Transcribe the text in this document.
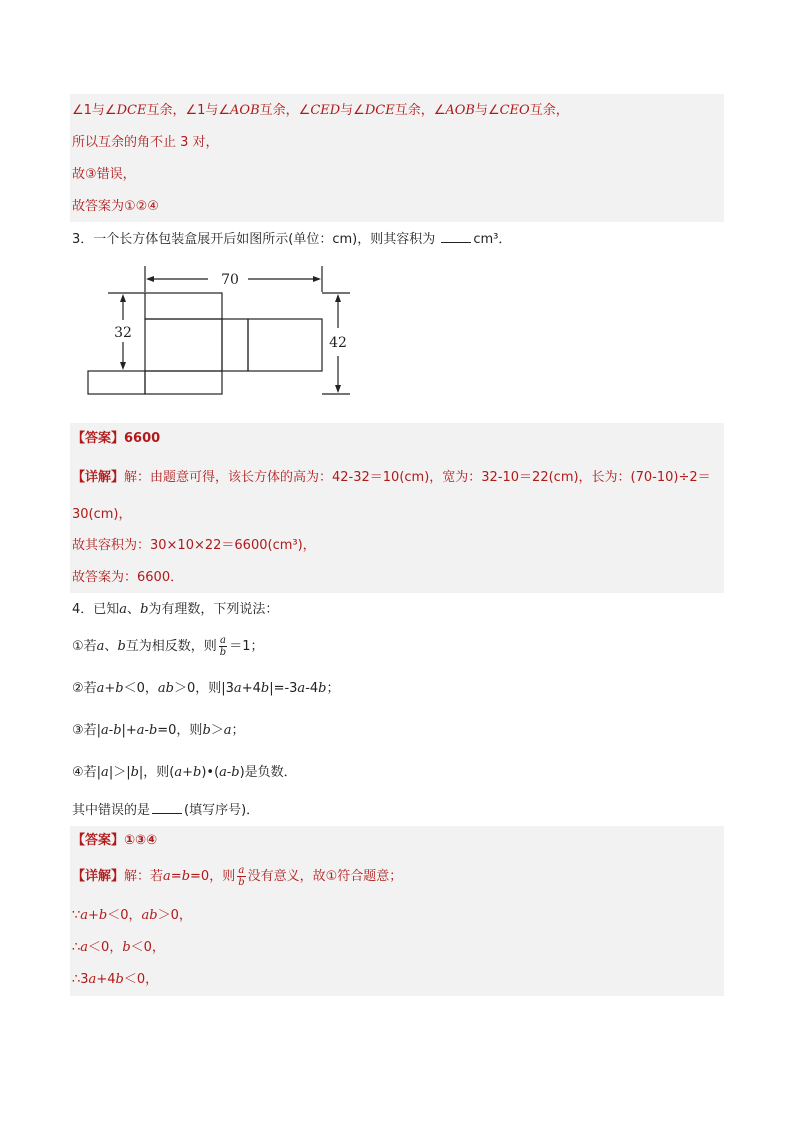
∠1与∠DCE互余，∠1与∠AOB互余，∠CED与∠DCE互余，∠AOB与∠CEO互余，
所以互余的角不止 3 对，
故③错误，
故答案为①②④
3．一个长方体包装盒展开后如图所示(单位：cm)，则其容积为	cm³．
70
32
42
【答案】6600
【详解】解：由题意可得，该长方体的高为：42-32＝10(cm)，宽为：32-10＝22(cm)，长为：(70-10)÷2＝
30(cm)，
故其容积为：30×10×22＝6600(cm³)，
故答案为：6600．
4．已知a、b为有理数，下列说法：
①若a、b互为相反数，则 $\frac{a}{b} =1$；
②若a+b＜0，ab＞0，则|3a+4b|=-3a-4b；
③若|a-b|+a-b=0，则b＞a；
④若|a|＞|b|，则(a+b)•(a-b)是负数．
其中错误的是	(填写序号)．
【答案】①③④
【详解】解：若a=b=0，则 $\frac{a}{b}$ 没有意义，故①符合题意；
∵a+b＜0，ab＞0，
∴a＜0，b＜0，
∴3a+4b＜0，
